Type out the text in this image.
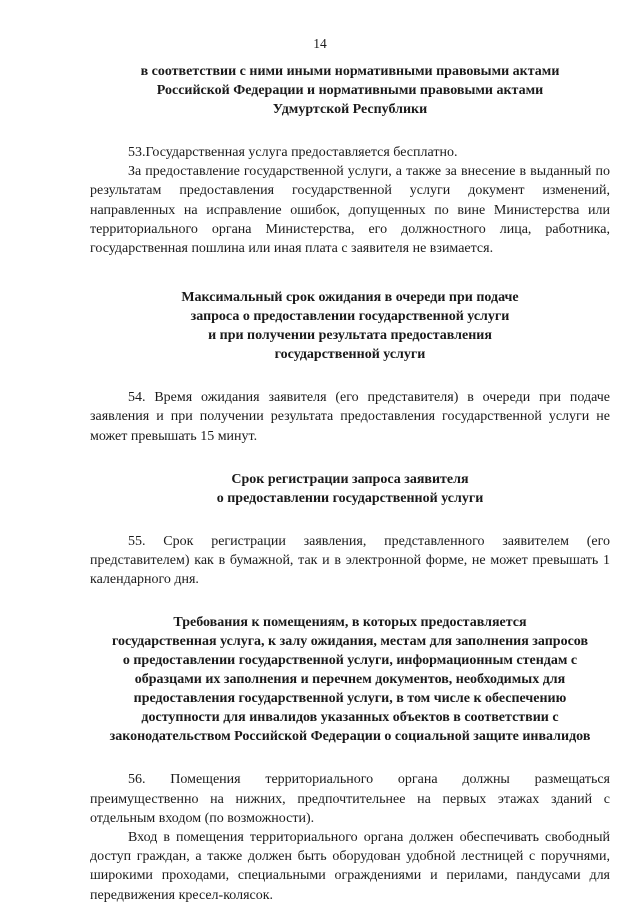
14
в соответствии с ними иными нормативными правовыми актами
Российской Федерации и нормативными правовыми актами
Удмуртской Республики

53.Государственная услуга предоставляется бесплатно.

За предоставление государственной услуги, а также за внесение в выданный по результатам предоставления государственной услуги документ изменений, направленных на исправление ошибок, допущенных по вине Министерства или территориального органа Министерства, его должностного лица, работника, государственная пошлина или иная плата с заявителя не взимается.

Максимальный срок ожидания в очереди при подаче
запроса о предоставлении государственной услуги
и при получении результата предоставления
государственной услуги

54. Время ожидания заявителя (его представителя) в очереди при подаче заявления и при получении результата предоставления государственной услуги не может превышать 15 минут.

Срок регистрации запроса заявителя
о предоставлении государственной услуги

55. Срок регистрации заявления, представленного заявителем (его представителем) как в бумажной, так и в электронной форме, не может превышать 1 календарного дня.

Требования к помещениям, в которых предоставляется
государственная услуга, к залу ожидания, местам для заполнения запросов
о предоставлении государственной услуги, информационным стендам с
образцами их заполнения и перечнем документов, необходимых для
предоставления государственной услуги, в том числе к обеспечению
доступности для инвалидов указанных объектов в соответствии с
законодательством Российской Федерации о социальной защите инвалидов

56. Помещения территориального органа должны размещаться преимущественно на нижних, предпочтительнее на первых этажах зданий с отдельным входом (по возможности).

Вход в помещения территориального органа должен обеспечивать свободный доступ граждан, а также должен быть оборудован удобной лестницей с поручнями, широкими проходами, специальными ограждениями и перилами, пандусами для передвижения кресел-колясок.
